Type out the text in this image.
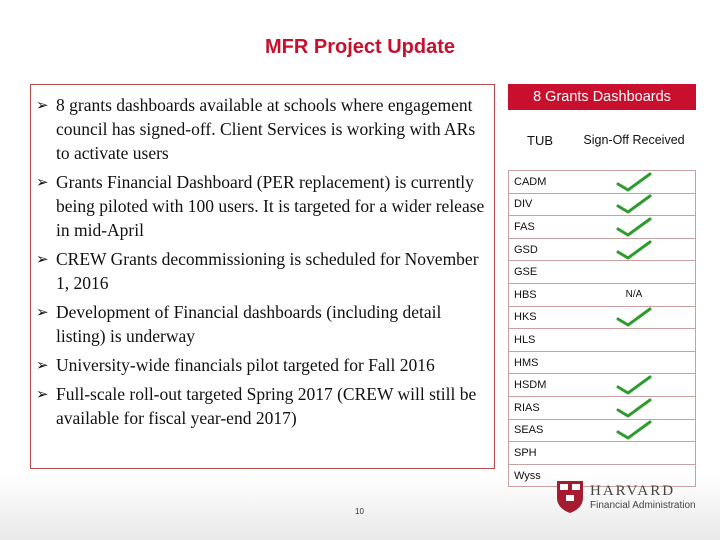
MFR Project Update
➢ 8 grants dashboards available at schools where engagement council has signed-off. Client Services is working with ARs to activate users
➢ Grants Financial Dashboard (PER replacement) is currently being piloted with 100 users. It is targeted for a wider release in mid-April
➢ CREW Grants decommissioning is scheduled for November 1, 2016
➢ Development of Financial dashboards (including detail listing) is underway
➢ University-wide financials pilot targeted for Fall 2016
➢ Full-scale roll-out targeted Spring 2017 (CREW will still be available for fiscal year-end 2017)
8 Grants Dashboards
TUB	Sign-Off Received
CADM
DIV
FAS
GSD
GSE
HBS	N/A
HKS
HLS
HMS
HSDM
RIAS
SEAS
SPH
Wyss
10
HARVARD
Financial Administration
